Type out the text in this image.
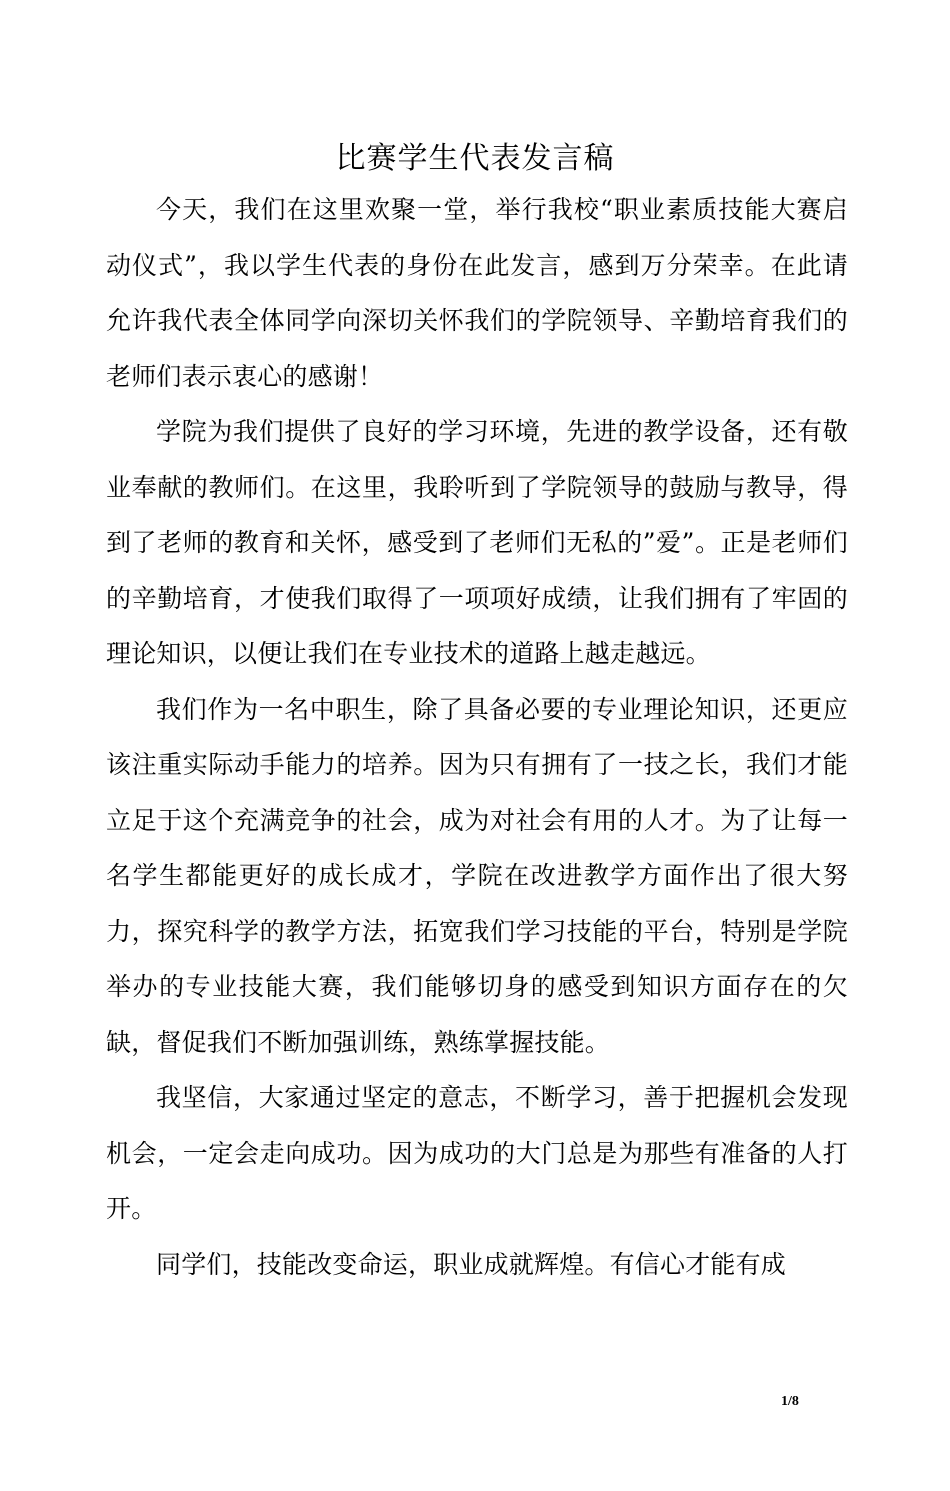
比赛学生代表发言稿

今天，我们在这里欢聚一堂，举行我校“职业素质技能大赛启动仪式”，我以学生代表的身份在此发言，感到万分荣幸。在此请允许我代表全体同学向深切关怀我们的学院领导、辛勤培育我们的老师们表示衷心的感谢！

学院为我们提供了良好的学习环境，先进的教学设备，还有敬业奉献的教师们。在这里，我聆听到了学院领导的鼓励与教导，得到了老师的教育和关怀，感受到了老师们无私的”爱”。正是老师们的辛勤培育，才使我们取得了一项项好成绩，让我们拥有了牢固的理论知识，以便让我们在专业技术的道路上越走越远。

我们作为一名中职生，除了具备必要的专业理论知识，还更应该注重实际动手能力的培养。因为只有拥有了一技之长，我们才能立足于这个充满竞争的社会，成为对社会有用的人才。为了让每一名学生都能更好的成长成才，学院在改进教学方面作出了很大努力，探究科学的教学方法，拓宽我们学习技能的平台，特别是学院举办的专业技能大赛，我们能够切身的感受到知识方面存在的欠缺，督促我们不断加强训练，熟练掌握技能。

我坚信，大家通过坚定的意志，不断学习，善于把握机会发现机会，一定会走向成功。因为成功的大门总是为那些有准备的人打开。

同学们，技能改变命运，职业成就辉煌。有信心才能有成

1/8
